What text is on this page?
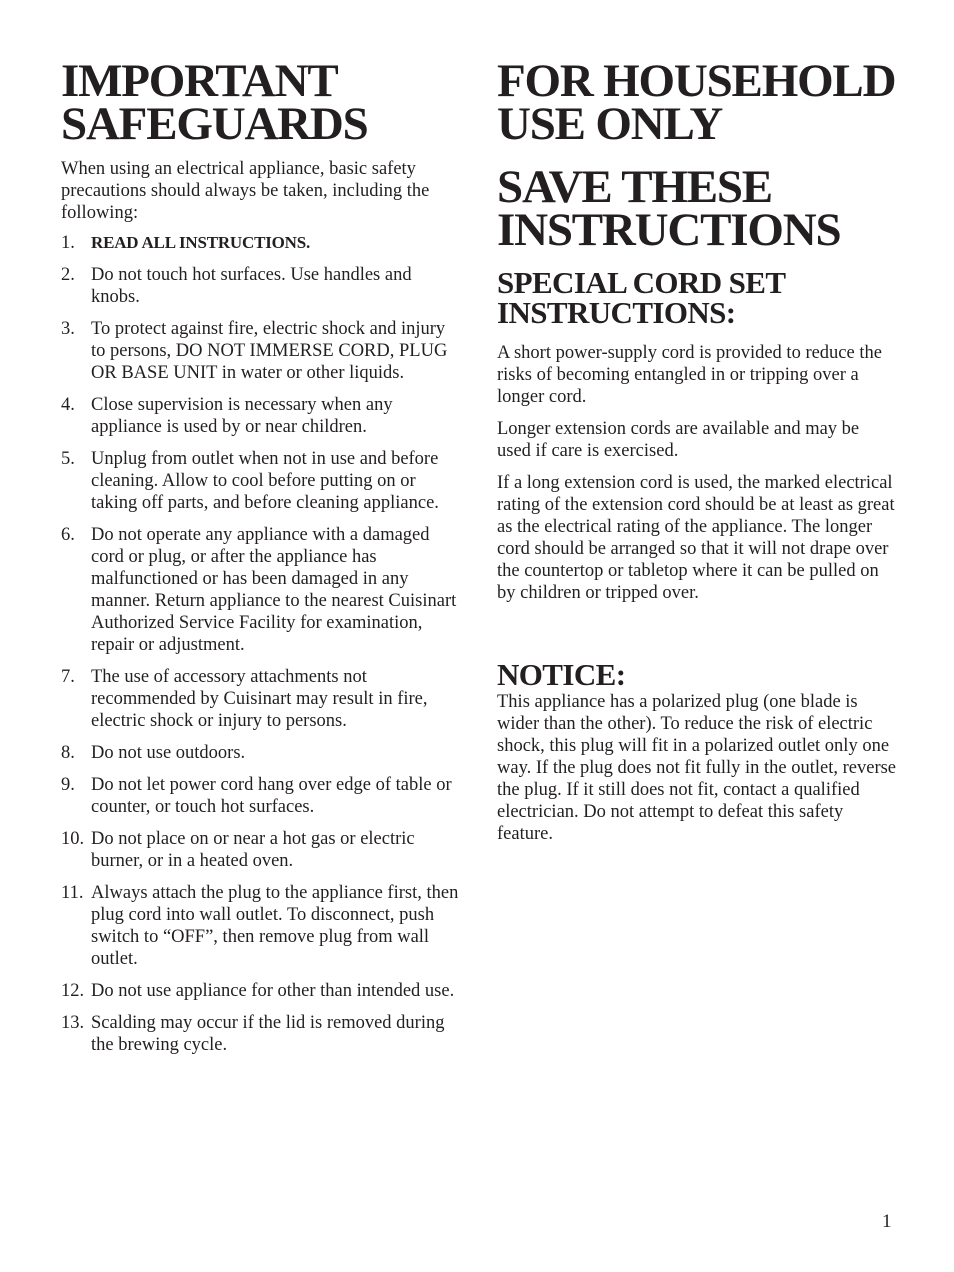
IMPORTANT
SAFEGUARDS

When using an electrical appliance, basic safety precautions should always be taken, including the following:

1. READ ALL INSTRUCTIONS.
2. Do not touch hot surfaces. Use handles and knobs.
3. To protect against fire, electric shock and injury to persons, DO NOT IMMERSE CORD, PLUG OR BASE UNIT in water or other liquids.
4. Close supervision is necessary when any appliance is used by or near children.
5. Unplug from outlet when not in use and before cleaning. Allow to cool before putting on or taking off parts, and before cleaning appliance.
6. Do not operate any appliance with a damaged cord or plug, or after the appliance has malfunctioned or has been damaged in any manner. Return appliance to the nearest Cuisinart Authorized Service Facility for examination, repair or adjustment.
7. The use of accessory attachments not recommended by Cuisinart may result in fire, electric shock or injury to persons.
8. Do not use outdoors.
9. Do not let power cord hang over edge of table or counter, or touch hot surfaces.
10. Do not place on or near a hot gas or electric burner, or in a heated oven.
11. Always attach the plug to the appliance first, then plug cord into wall outlet. To disconnect, push switch to “OFF”, then remove plug from wall outlet.
12. Do not use appliance for other than intended use.
13. Scalding may occur if the lid is removed during the brewing cycle.
FOR HOUSEHOLD
USE ONLY
SAVE THESE
INSTRUCTIONS
SPECIAL CORD SET
INSTRUCTIONS:

A short power-supply cord is provided to reduce the risks of becoming entangled in or tripping over a longer cord.

Longer extension cords are available and may be used if care is exercised.

If a long extension cord is used, the marked electrical rating of the extension cord should be at least as great as the electrical rating of the appliance. The longer cord should be arranged so that it will not drape over the countertop or tabletop where it can be pulled on by children or tripped over.

NOTICE:

This appliance has a polarized plug (one blade is wider than the other). To reduce the risk of electric shock, this plug will fit in a polarized outlet only one way. If the plug does not fit fully in the outlet, reverse the plug. If it still does not fit, contact a qualified electrician. Do not attempt to defeat this safety feature.

1
